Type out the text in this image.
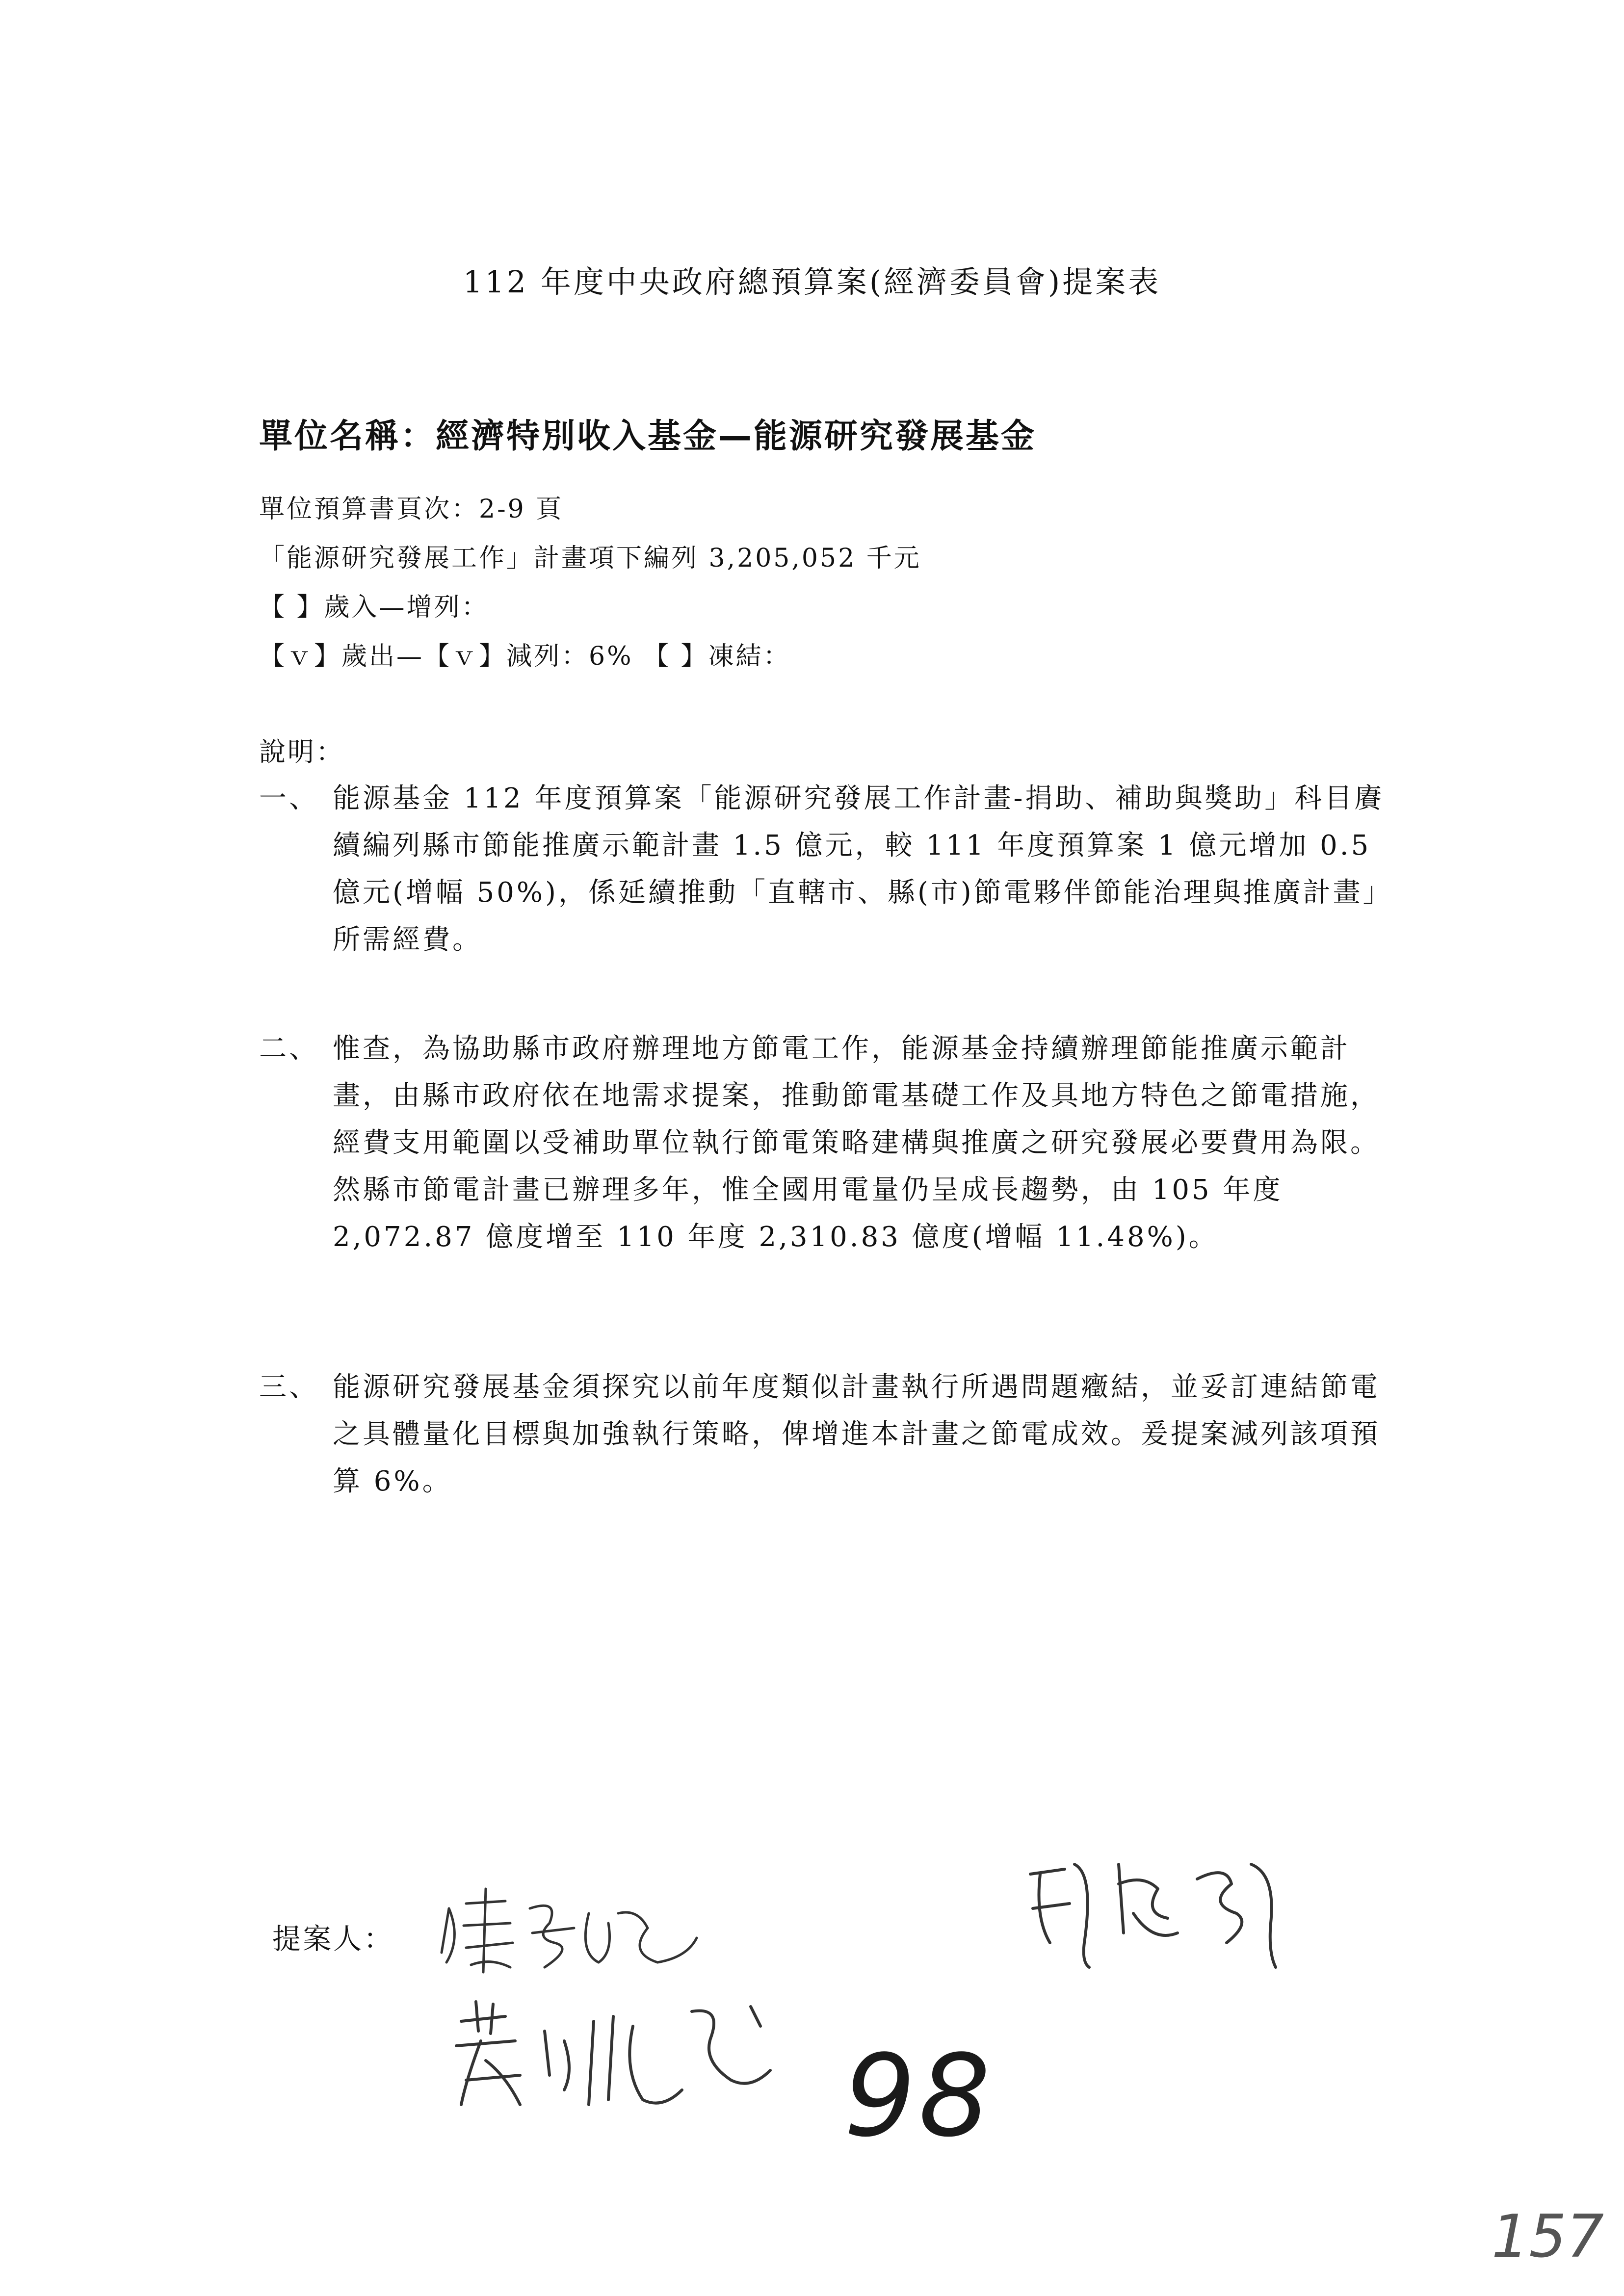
112 年度中央政府總預算案(經濟委員會)提案表
單位名稱：經濟特別收入基金—能源研究發展基金
單位預算書頁次：2-9 頁
「能源研究發展工作」計畫項下編列 3,205,052 千元
【 】歲入—增列：
【ｖ】歲出—【ｖ】減列：6% 【 】凍結：
說明：
一、 能源基金 112 年度預算案「能源研究發展工作計畫-捐助、補助與獎助」科目賡續編列縣市節能推廣示範計畫 1.5 億元，較 111 年度預算案 1 億元增加 0.5 億元(增幅 50%)，係延續推動「直轄市、縣(市)節電夥伴節能治理與推廣計畫」所需經費。
二、 惟查，為協助縣市政府辦理地方節電工作，能源基金持續辦理節能推廣示範計畫，由縣市政府依在地需求提案，推動節電基礎工作及具地方特色之節電措施，經費支用範圍以受補助單位執行節電策略建構與推廣之研究發展必要費用為限。然縣市節電計畫已辦理多年，惟全國用電量仍呈成長趨勢，由 105 年度 2,072.87 億度增至 110 年度 2,310.83 億度(增幅 11.48%)。
三、 能源研究發展基金須探究以前年度類似計畫執行所遇問題癥結，並妥訂連結節電之具體量化目標與加強執行策略，俾增進本計畫之節電成效。爰提案減列該項預算 6%。
提案人：
98
157
